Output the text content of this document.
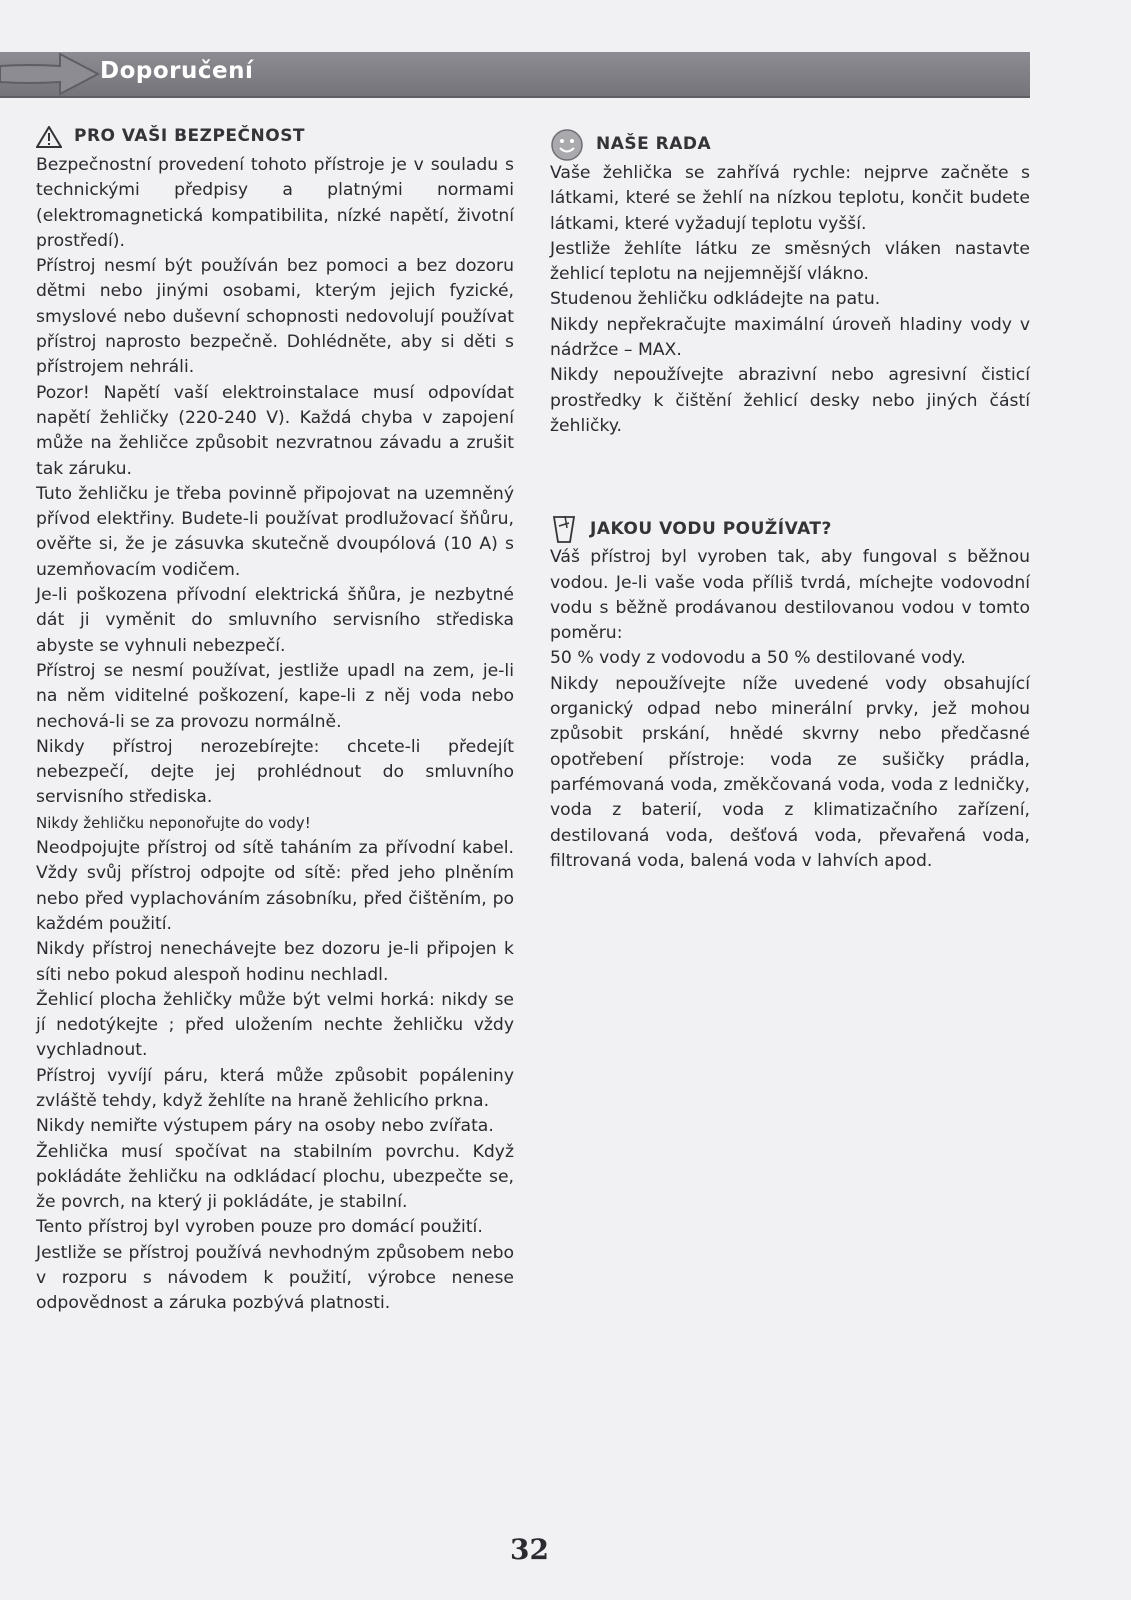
Doporučení
PRO VAŠI BEZPEČNOST

Bezpečnostní provedení tohoto přístroje je v souladu s technickými předpisy a platnými normami (elektromagnetická kompatibilita, nízké napětí, životní prostředí).

Přístroj nesmí být používán bez pomoci a bez dozoru dětmi nebo jinými osobami, kterým jejich fyzické, smyslové nebo duševní schopnosti nedovolují používat přístroj naprosto bezpečně. Dohlédněte, aby si děti s přístrojem nehráli.

Pozor! Napětí vaší elektroinstalace musí odpovídat napětí žehličky (220-240 V). Každá chyba v zapojení může na žehličce způsobit nezvratnou závadu a zrušit tak záruku.

Tuto žehličku je třeba povinně připojovat na uzemněný přívod elektřiny. Budete-li používat prodlužovací šňůru, ověřte si, že je zásuvka skutečně dvoupólová (10 A) s uzemňovacím vodičem.

Je-li poškozena přívodní elektrická šňůra, je nezbytné dát ji vyměnit do smluvního servisního střediska abyste se vyhnuli nebezpečí.

Přístroj se nesmí používat, jestliže upadl na zem, je-li na něm viditelné poškození, kape-li z něj voda nebo nechová-li se za provozu normálně.

Nikdy přístroj nerozebírejte: chcete-li předejít nebezpečí, dejte jej prohlédnout do smluvního servisního střediska.

Nikdy žehličku neponořujte do vody!

Neodpojujte přístroj od sítě taháním za přívodní kabel. Vždy svůj přístroj odpojte od sítě: před jeho plněním nebo před vyplachováním zásobníku, před čištěním, po každém použití.

Nikdy přístroj nenechávejte bez dozoru je-li připojen k síti nebo pokud alespoň hodinu nechladl.

Žehlicí plocha žehličky může být velmi horká: nikdy se jí nedotýkejte ; před uložením nechte žehličku vždy vychladnout.

Přístroj vyvíjí páru, která může způsobit popáleniny zvláště tehdy, když žehlíte na hraně žehlicího prkna.

Nikdy nemiřte výstupem páry na osoby nebo zvířata.

Žehlička musí spočívat na stabilním povrchu. Když pokládáte žehličku na odkládací plochu, ubezpečte se, že povrch, na který ji pokládáte, je stabilní.

Tento přístroj byl vyroben pouze pro domácí použití.

Jestliže se přístroj používá nevhodným způsobem nebo v rozporu s návodem k použití, výrobce nenese odpovědnost a záruka pozbývá platnosti.

NAŠE RADA

Vaše žehlička se zahřívá rychle: nejprve začněte s látkami, které se žehlí na nízkou teplotu, končit budete látkami, které vyžadují teplotu vyšší.

Jestliže žehlíte látku ze směsných vláken nastavte žehlicí teplotu na nejjemnější vlákno.

Studenou žehličku odkládejte na patu.

Nikdy nepřekračujte maximální úroveň hladiny vody v nádržce – MAX.

Nikdy nepoužívejte abrazivní nebo agresivní čisticí prostředky k čištění žehlicí desky nebo jiných částí žehličky.

JAKOU VODU POUŽÍVAT?

Váš přístroj byl vyroben tak, aby fungoval s běžnou vodou. Je-li vaše voda příliš tvrdá, míchejte vodovodní vodu s běžně prodávanou destilovanou vodou v tomto poměru:

50 % vody z vodovodu a 50 % destilované vody.

Nikdy nepoužívejte níže uvedené vody obsahující organický odpad nebo minerální prvky, jež mohou způsobit prskání, hnědé skvrny nebo předčasné opotřebení přístroje: voda ze sušičky prádla, parfémovaná voda, změkčovaná voda, voda z ledničky, voda z baterií, voda z klimatizačního zařízení, destilovaná voda, dešťová voda, převařená voda, filtrovaná voda, balená voda v lahvích apod.

32
